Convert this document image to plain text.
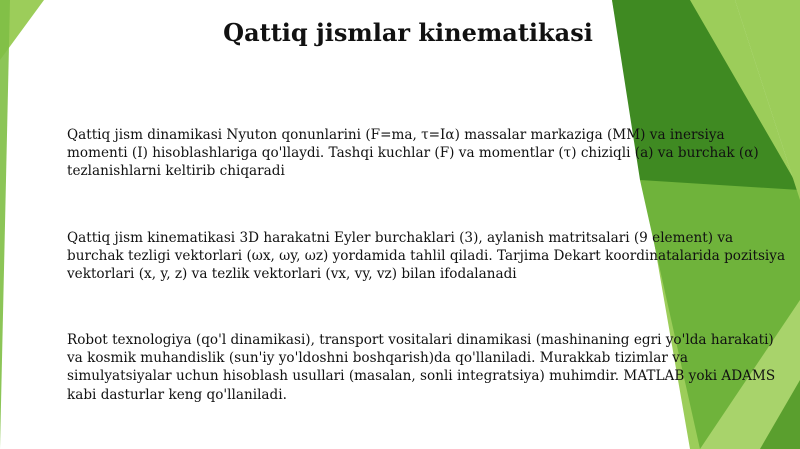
Qattiq jismlar kinematikasi

Qattiq jism dinamikasi Nyuton qonunlarini (F=ma, τ=Iα) massalar markaziga (MM) va inersiya momenti (I) hisoblashlariga qo'llaydi. Tashqi kuchlar (F) va momentlar (τ) chiziqli (a) va burchak (α) tezlanishlarni keltirib chiqaradi

Qattiq jism kinematikasi 3D harakatni Eyler burchaklari (3), aylanish matritsalari (9 element) va burchak tezligi vektorlari (ωx, ωy, ωz) yordamida tahlil qiladi. Tarjima Dekart koordinatalarida pozitsiya vektorlari (x, y, z) va tezlik vektorlari (vx, vy, vz) bilan ifodalanadi

Robot texnologiya (qo'l dinamikasi), transport vositalari dinamikasi (mashinaning egri yo'lda harakati) va kosmik muhandislik (sun'iy yo'ldoshni boshqarish)da qo'llaniladi. Murakkab tizimlar va simulyatsiyalar uchun hisoblash usullari (masalan, sonli integratsiya) muhimdir. MATLAB yoki ADAMS kabi dasturlar keng qo'llaniladi.
